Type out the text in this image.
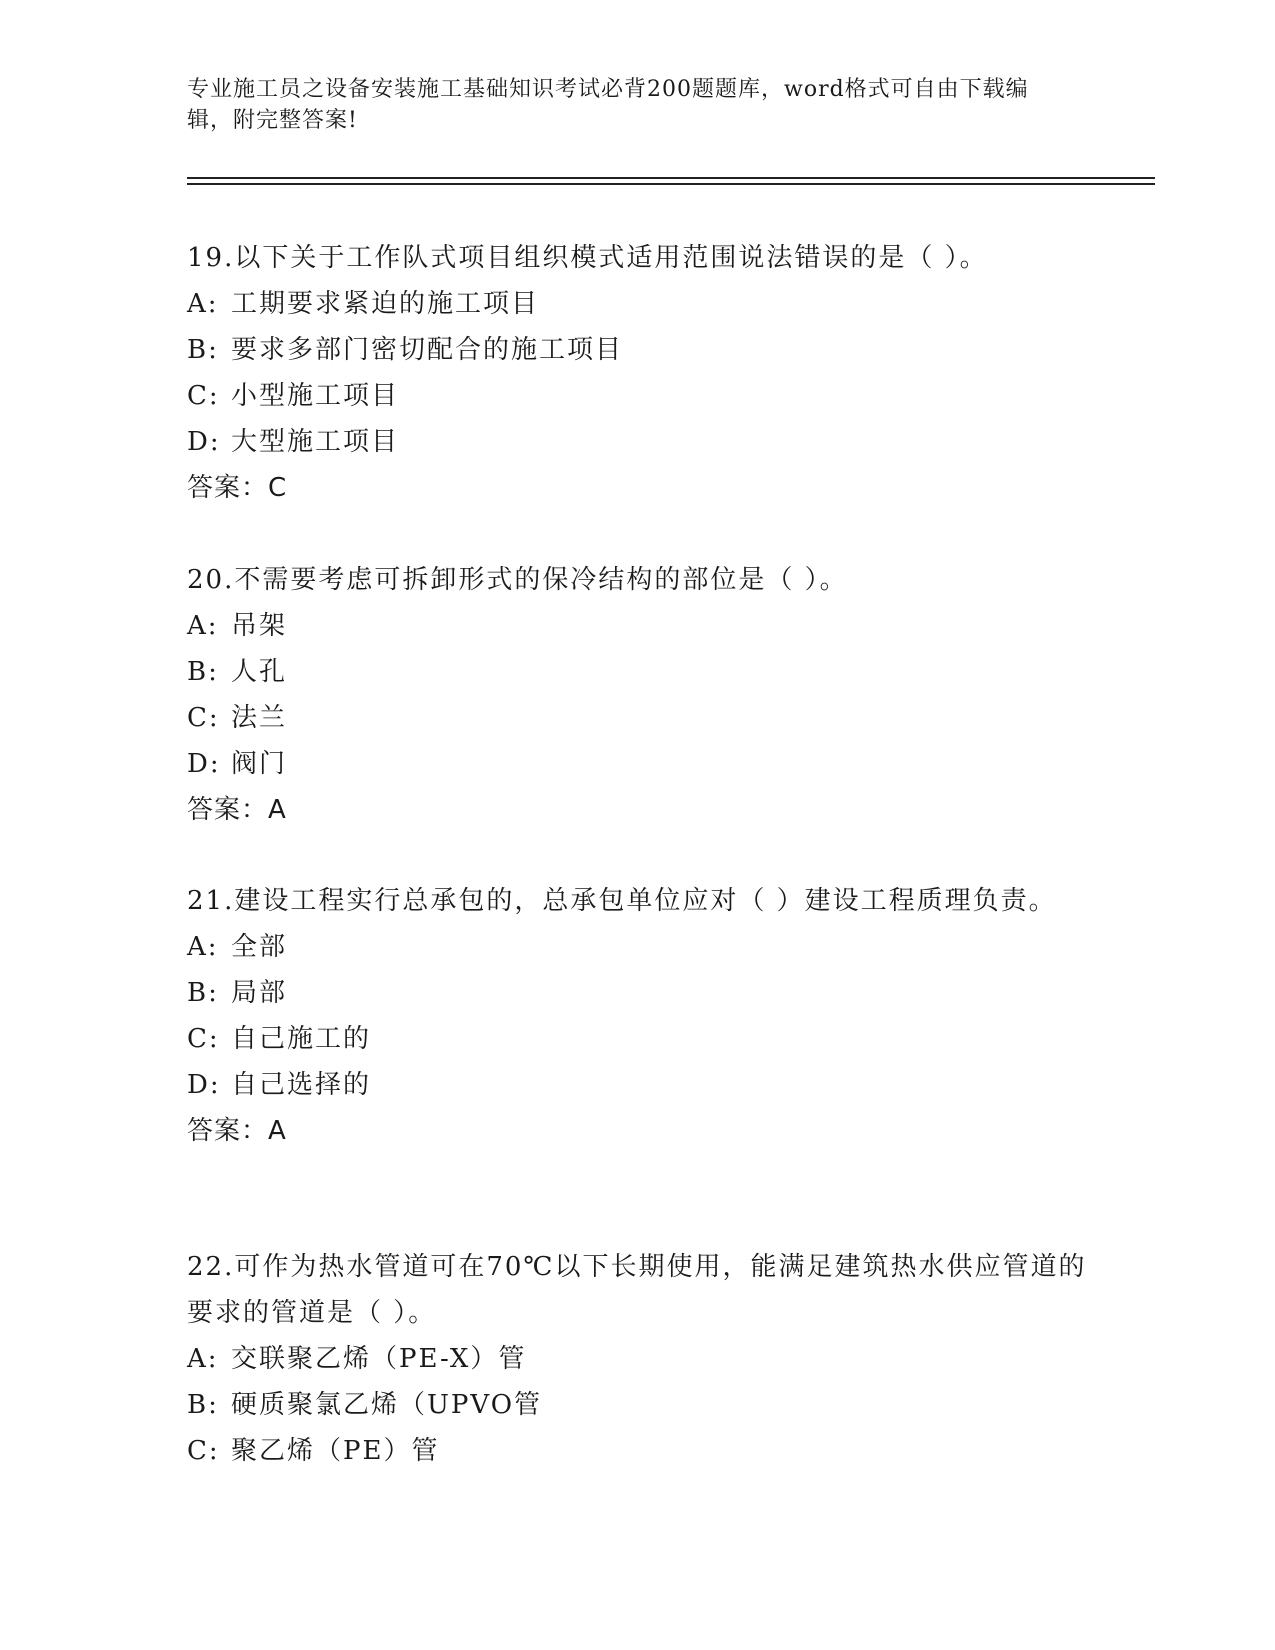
专业施工员之设备安装施工基础知识考试必背200题题库，word格式可自由下载编辑，附完整答案!
19.以下关于工作队式项目组织模式适用范围说法错误的是（ ）。
A: 工期要求紧迫的施工项目
B: 要求多部门密切配合的施工项目
C: 小型施工项目
D: 大型施工项目
答案：C
20.不需要考虑可拆卸形式的保冷结构的部位是（ ）。
A: 吊架
B: 人孔
C: 法兰
D: 阀门
答案：A
21.建设工程实行总承包的，总承包单位应对（ ）建设工程质理负责。
A: 全部
B: 局部
C: 自己施工的
D: 自己选择的
答案：A
22.可作为热水管道可在70℃以下长期使用，能满足建筑热水供应管道的要求的管道是（ ）。
A: 交联聚乙烯（PE-X）管
B: 硬质聚氯乙烯（UPVO管
C: 聚乙烯（PE）管
